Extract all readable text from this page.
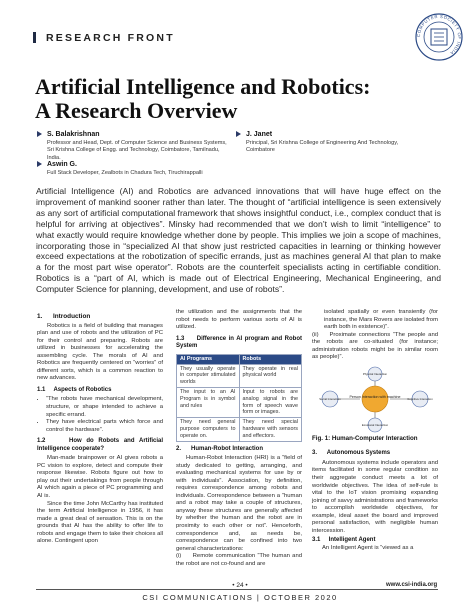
RESEARCH FRONT	COMPUTER SOCIETY OF INDIA
Artificial Intelligence and Robotics:
A Research Overview
S. Balakrishnan
Professor and Head, Dept. of Computer Science and Business Systems, Sri Krishna College of Engg. and Technology, Coimbatore, Tamilnadu, India.
J. Janet
Principal, Sri Krishna College of Engineering And Technology, Coimbatore
Aswin G.
Full Stack Developer, Zealbots in Chadura Tech, Tiruchirappalli
Artificial Intelligence (AI) and Robotics are advanced innovations that will have huge effect on the improvement of mankind sooner rather than later. The thought of “artificial intelligence is seen extensively as any sort of artificial computational framework that shows insightful conduct, i.e., complex conduct that is helpful for arriving at objectives”. Minsky had recommended that we don’t wish to limit “intelligence” to what exactly would require knowledge whether done by people. This implies we join a scope of machines, incorporating those in “specialized AI that show just restricted capacities in learning or thinking however exceed expectations at the robotization of specific errands, just as machines general AI that plan to make a for the most part wise operator”. Robots are the counterfeit specialists acting in certifiable condition. Robotics is a “part of AI, which is made out of Electrical Engineering, Mechanical Engineering, and Computer Science for planning, development, and use of robots”.

1.      Introduction

Robotics is a field of building that manages plan and use of robots and the utilization of PC for their control and preparing. Robots are utilized in businesses for accelerating the assembling cycle. The morals of AI and Robotics are frequently centered on “worries” of different sorts, which is a common reaction to new advances.

1.1     Aspects of Robotics

• “The robots have mechanical development, structure, or shape intended to achieve a specific errand.
• They have electrical parts which force and control the hardware”.

1.2     How do Robots and Artificial Intelligence cooperate?

Man-made brainpower or AI gives robots a PC vision to explore, detect and compute their response likewise. Robots figure out how to play out their undertakings from people through AI which again a piece of PC programming and AI is.

Since the time John McCarthy has instituted the term Artificial Intelligence in 1956, it has made a great deal of sensation. This is on the grounds that AI has the ability to offer life to robots and engage them to take their choices all alone. Contingent upon

the utilization and the assignments that the robot needs to perform various sorts of AI is utilized.

1.3     Difference in AI program and Robot System

AI Programs	Robots
They usually operate in computer stimulated worlds	They operate in real physical world
The input to an AI Program is in symbol and rules	Input to robots are analog signal in the form of speech wave form or images.
They need general purpose computers to operate on.	They need special hardware with sensors and effectors.

2.      Human-Robot Interaction

Human-Robot Interaction (HRI) is a “field of study dedicated to getting, arranging, and evaluating mechanical systems for use by or with individuals”. Association, by definition, requires correspondence among robots and individuals. Correspondence between a “human and a robot may take a couple of structures, anyway these structures are generally affected by whether the human and the robot are in proximity to each other or not”. Henceforth, correspondence and, as needs be, correspondence can be confined into two general characterizations:

(i)     Remote communication “The human and the robot are not co-found and are

isolated spatially or even transiently (for instance, the Mars Rovers are isolated from earth both in existence)”.

(ii)    Proximate connections “The people and the robots are co-situated (for instance; administration robots might be in similar room as people)”.

Person interaction with machine
Physical Interaction
Social Interaction	Cognitive Interaction
Emotional Interaction

Fig. 1: Human-Computer Interaction

3.      Autonomous Systems

Autonomous systems include operators and items facilitated in some regular condition so their aggregate conduct meets a lot of worldwide objectives. The idea of self-rule is vital to the IoT vision promising expanding joining of savvy administrations and frameworks to accomplish worldwide objectives, for example, ideal asset the board and improved personal satisfaction, with negligible human intercession.

3.1     Intelligent Agent

An Intelligent Agent is “viewed as a

• 24 •	www.csi-india.org
CSI COMMUNICATIONS | OCTOBER 2020
